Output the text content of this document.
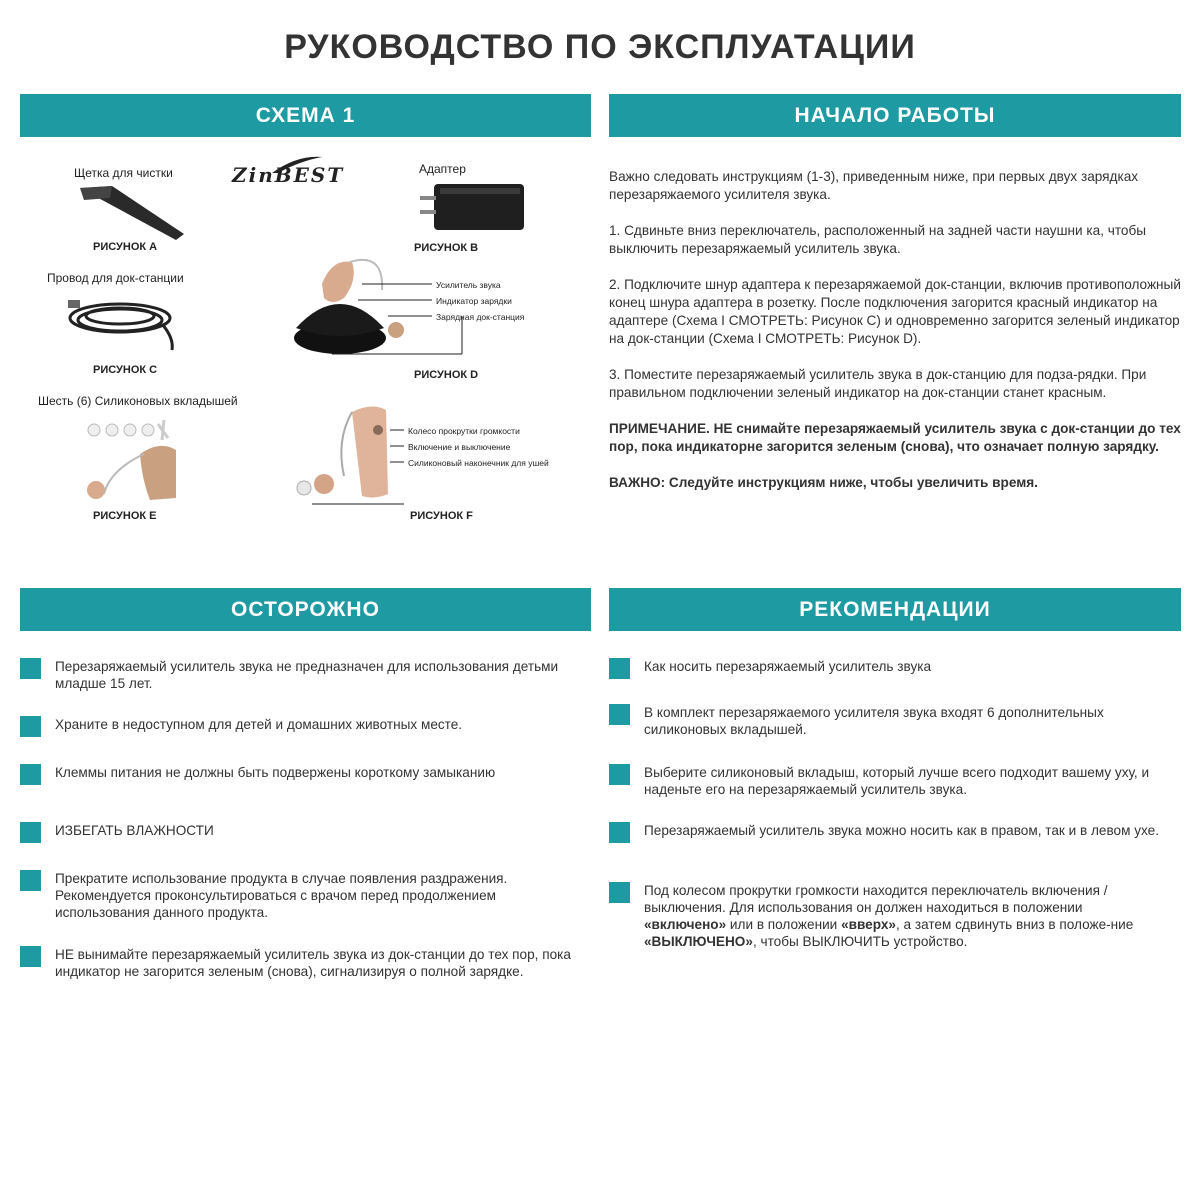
РУКОВОДСТВО ПО ЭКСПЛУАТАЦИИ
СХЕМА 1	НАЧАЛО РАБОТЫ
ОСТОРОЖНО	РЕКОМЕНДАЦИИ
Щетка для чистки
РИСУНОК A
ZinBEST	Адаптер
РИСУНОК B
Провод для док-станции
РИСУНОК C
Усилитель звука
Индикатор зарядки
Зарядная док-станция
РИСУНОК D
Шесть (6) Силиконовых вкладышей
РИСУНОК E
Колесо прокрутки громкости
Включение и выключение
Силиконовый наконечник для ушей
РИСУНОК F

Важно следовать инструкциям (1-3), приведенным ниже, при первых двух зарядках перезаряжаемого усилителя звука.

1. Сдвиньте вниз переключатель, расположенный на задней части наушни ка, чтобы выключить перезаряжаемый усилитель звука.

2. Подключите шнур адаптера к перезаряжаемой док-станции, включив противоположный конец шнура адаптера в розетку. После подключения загорится красный индикатор на адаптере (Схема I СМОТРЕТЬ: Рисунок C) и одновременно загорится зеленый индикатор на док-станции (Схема I СМОТРЕТЬ: Рисунок D).

3. Поместите перезаряжаемый усилитель звука в док-станцию для подза-рядки. При правильном подключении зеленый индикатор на док-станции станет красным.

ПРИМЕЧАНИЕ. НЕ снимайте перезаряжаемый усилитель звука с док-станции до тех пор, пока индикаторне загорится зеленым (снова), что означает полную зарядку.

ВАЖНО: Следуйте инструкциям ниже, чтобы увеличить время.

Перезаряжаемый усилитель звука не предназначен для использования детьми младше 15 лет.
Храните в недоступном для детей и домашних животных месте.
Клеммы питания не должны быть подвержены короткому замыканию
ИЗБЕГАТЬ ВЛАЖНОСТИ
Прекратите использование продукта в случае появления раздражения. Рекомендуется проконсультироваться с врачом перед продолжением использования данного продукта.
НЕ вынимайте перезаряжаемый усилитель звука из док-станции до тех пор, пока индикатор не загорится зеленым (снова), сигнализируя о полной зарядке.
Как носить перезаряжаемый усилитель звука
В комплект перезаряжаемого усилителя звука входят 6 дополнительных силиконовых вкладышей.
Выберите силиконовый вкладыш, который лучше всего подходит вашему уху, и наденьте его на перезаряжаемый усилитель звука.
Перезаряжаемый усилитель звука можно носить как в правом, так и в левом ухе.
Под колесом прокрутки громкости находится переключатель включения /выключения. Для использования он должен находиться в положении
«включено» или в положении «вверх», а затем сдвинуть вниз в положе-ние «ВЫКЛЮЧЕНО», чтобы ВЫКЛЮЧИТЬ устройство.
